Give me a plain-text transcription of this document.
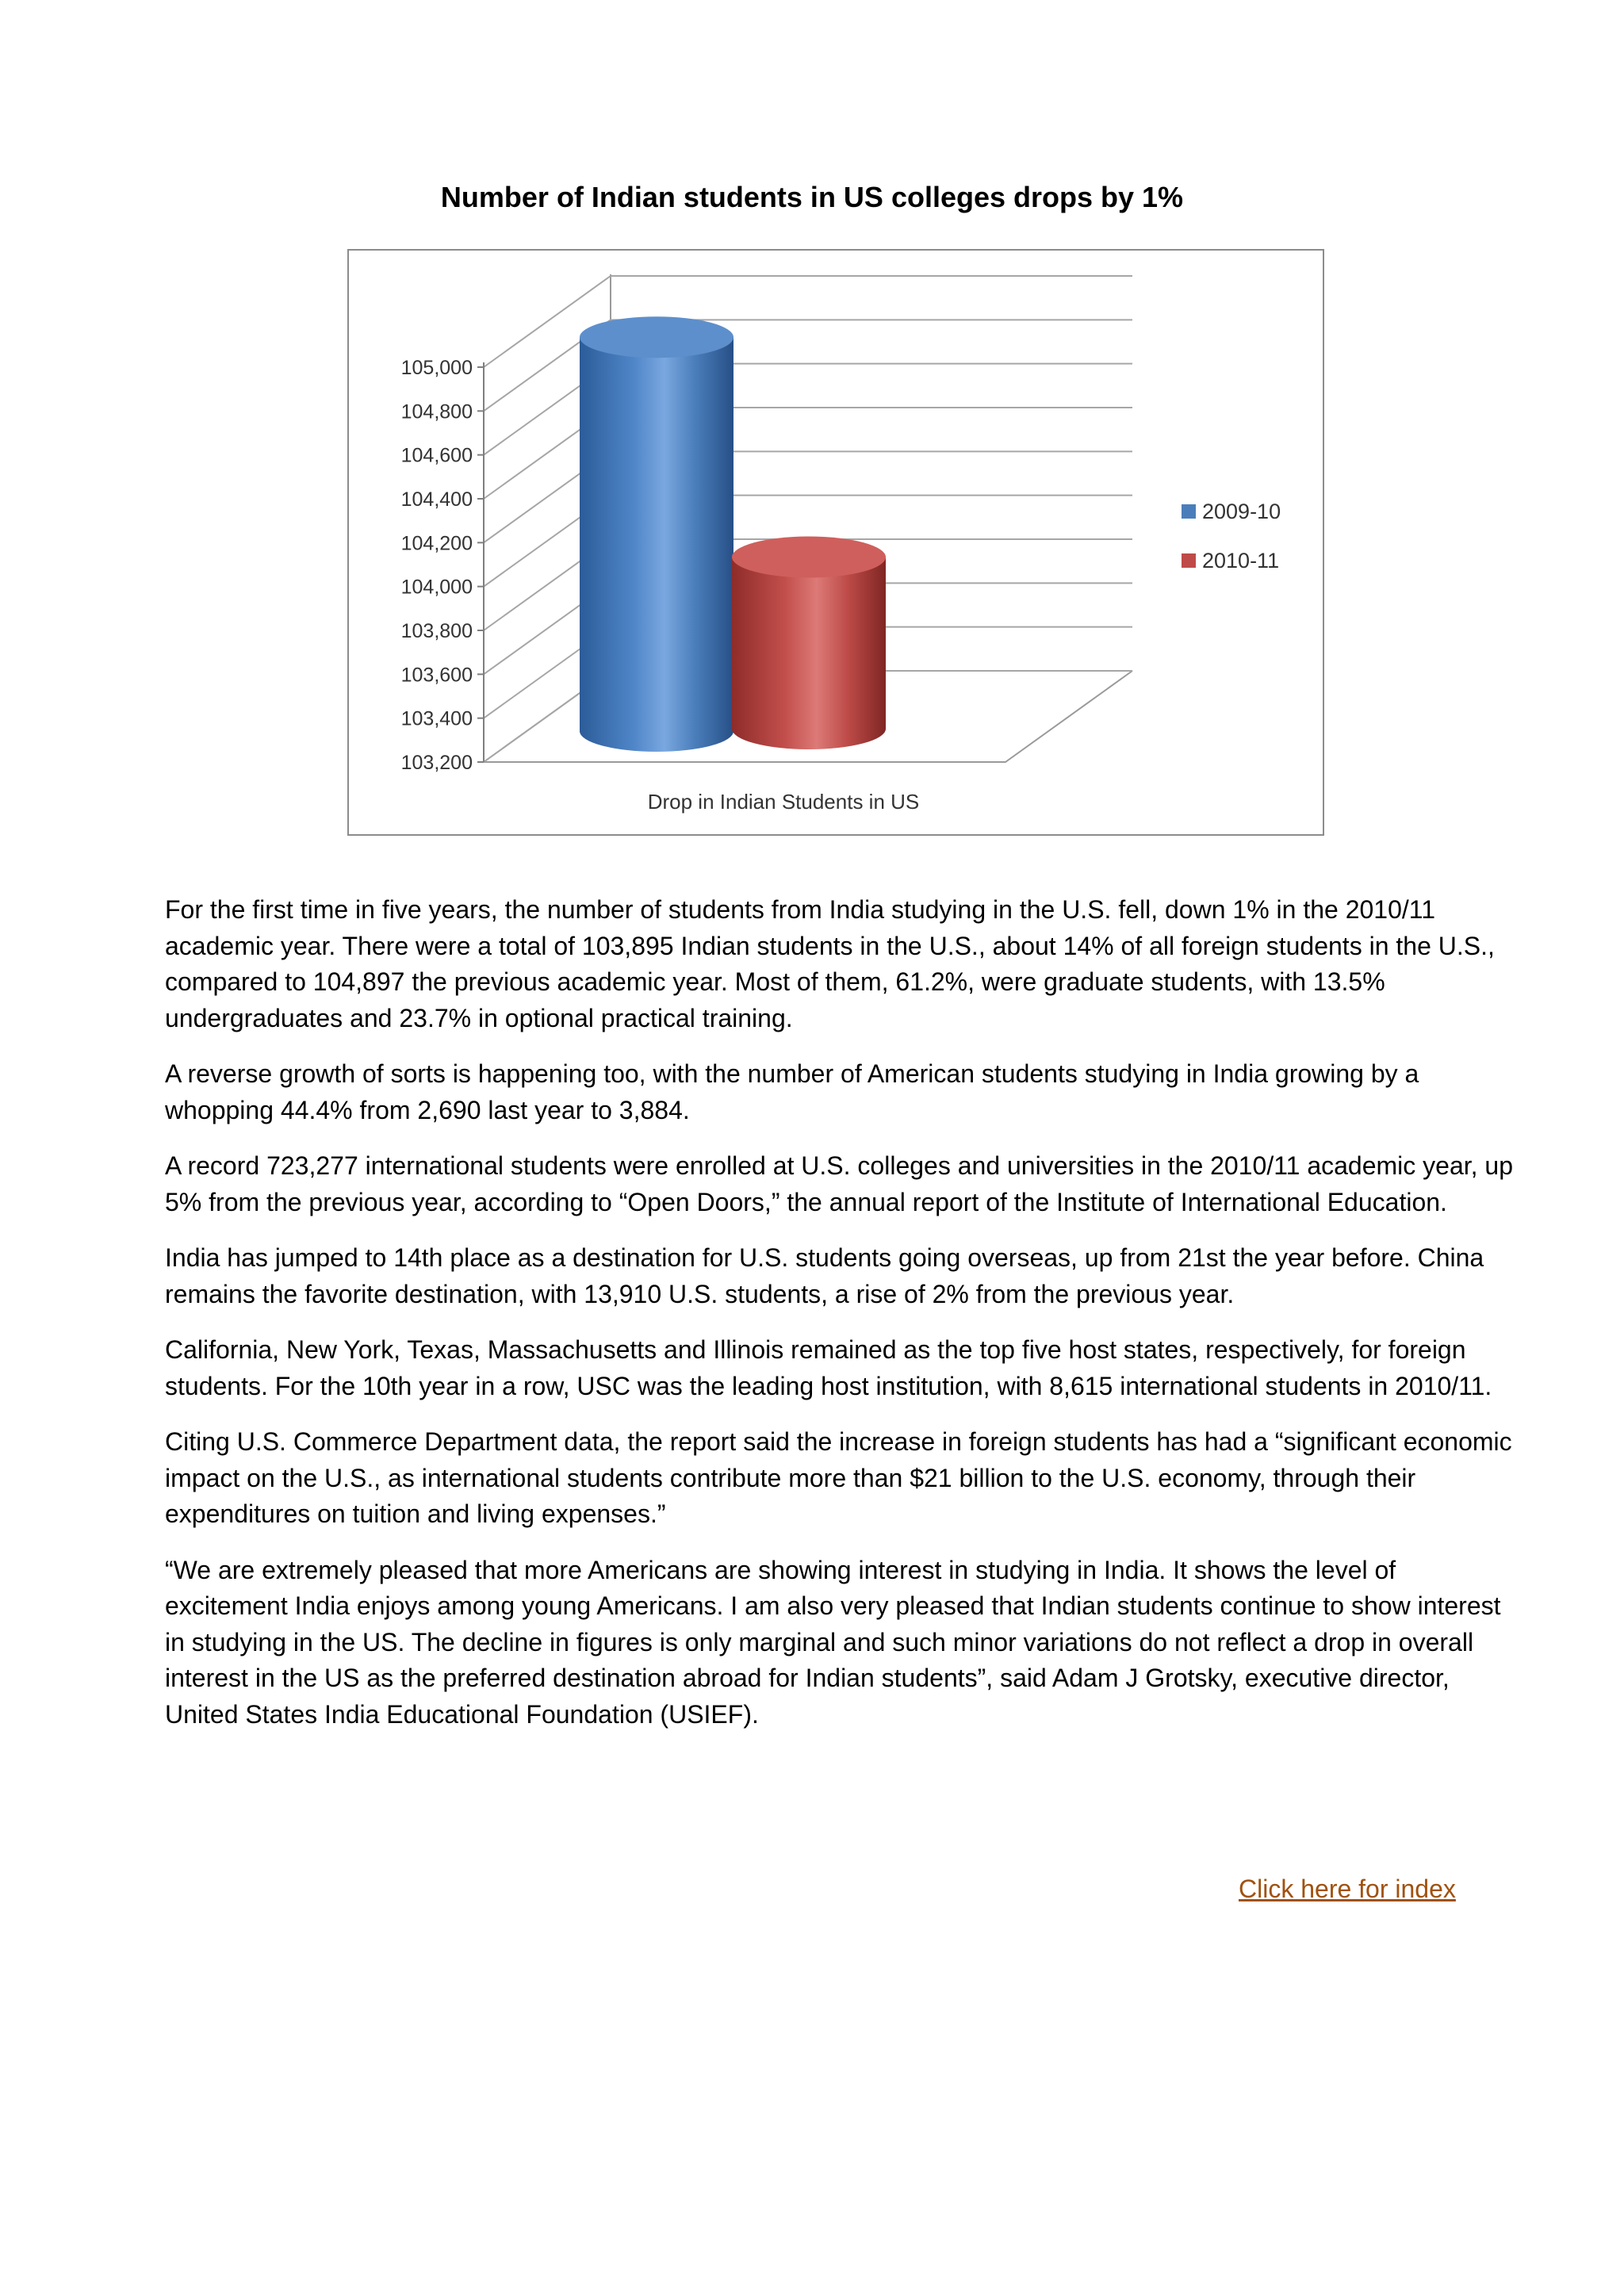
Number of Indian students in US colleges drops by 1%
103,200
103,400
103,600
103,800
104,000
104,200
104,400
104,600
104,800
105,000
Drop in Indian Students in US
2009-10
2010-11

For the first time in five years, the number of students from India studying in the U.S. fell, down 1% in the 2010/11 academic year. There were a total of 103,895 Indian students in the U.S., about 14% of all foreign students in the U.S., compared to 104,897 the previous academic year. Most of them, 61.2%, were graduate students, with 13.5% undergraduates and 23.7% in optional practical training.

A reverse growth of sorts is happening too, with the number of American students studying in India growing by a whopping 44.4% from 2,690 last year to 3,884.

A record 723,277 international students were enrolled at U.S. colleges and universities in the 2010/11 academic year, up 5% from the previous year, according to “Open Doors,” the annual report of the Institute of International Education.

India has jumped to 14th place as a destination for U.S. students going overseas, up from 21st the year before. China remains the favorite destination, with 13,910 U.S. students, a rise of 2% from the previous year.

California, New York, Texas, Massachusetts and Illinois remained as the top five host states, respectively, for foreign students. For the 10th year in a row, USC was the leading host institution, with 8,615 international students in 2010/11.

Citing U.S. Commerce Department data, the report said the increase in foreign students has had a “significant economic impact on the U.S., as international students contribute more than $21 billion to the U.S. economy, through their expenditures on tuition and living expenses.”

“We are extremely pleased that more Americans are showing interest in studying in India. It shows the level of excitement India enjoys among young Americans. I am also very pleased that Indian students continue to show interest in studying in the US. The decline in figures is only marginal and such minor variations do not reflect a drop in overall interest in the US as the preferred destination abroad for Indian students”, said Adam J Grotsky, executive director, United States India Educational Foundation (USIEF).

Click here for index
